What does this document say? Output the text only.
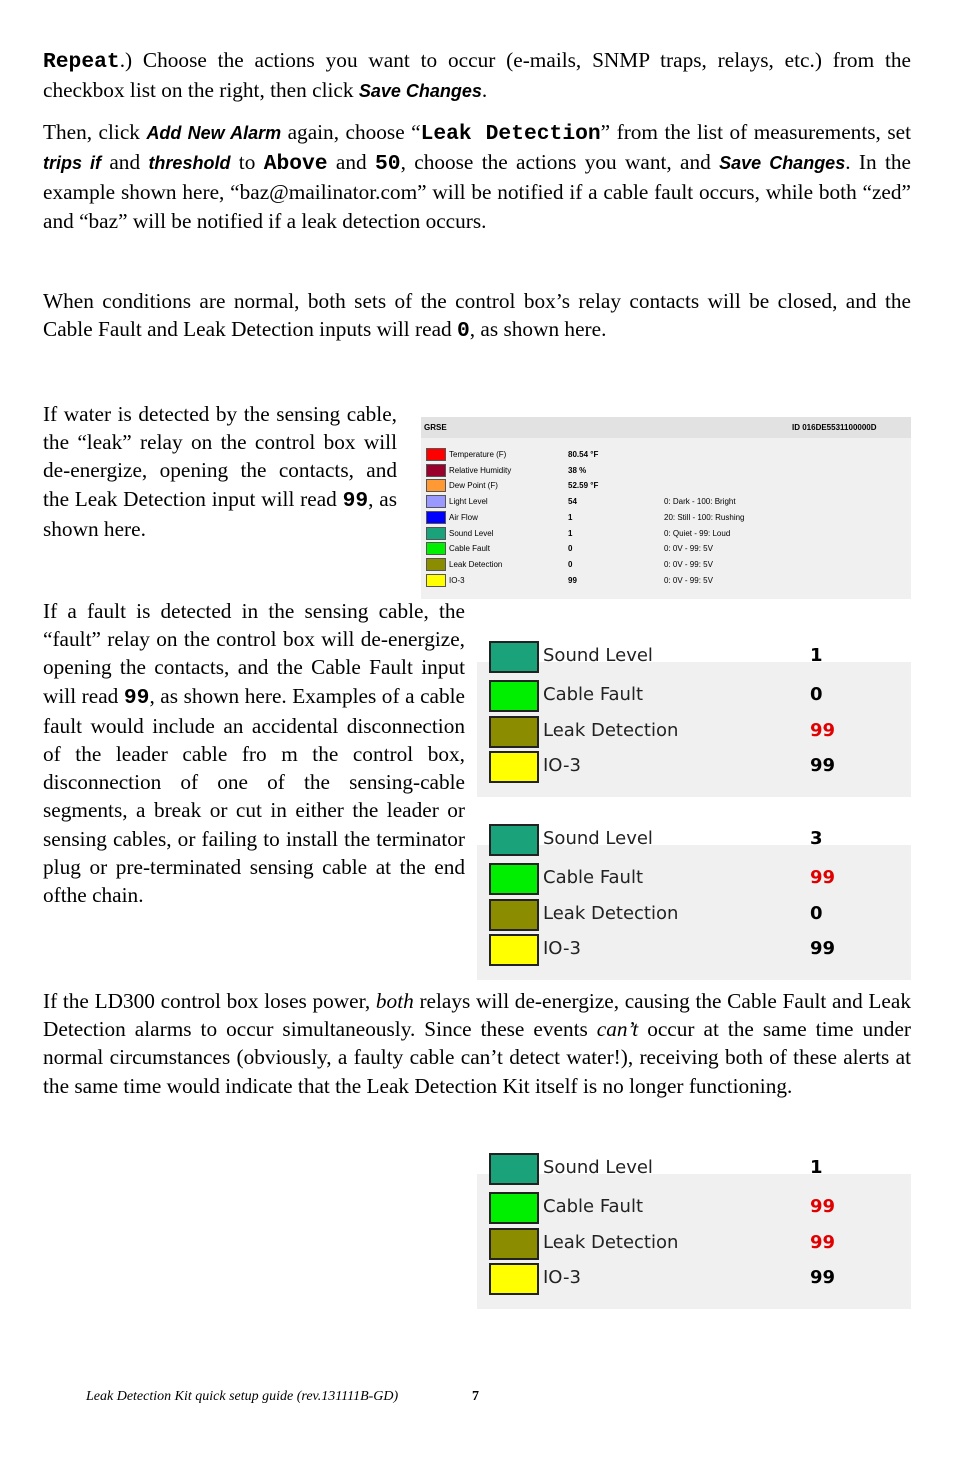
Repeat.) Choose the actions you want to occur (e-mails, SNMP traps, relays, etc.) from the checkbox list on the right, then click Save Changes.
Then, click Add New Alarm again, choose “Leak Detection” from the list of measurements, set trips if and threshold to Above and 50, choose the actions you want, and Save Changes. In the example shown here, “baz@mailinator.com” will be notified if a cable fault occurs, while both “zed” and “baz” will be notified if a leak detection occurs.
When conditions are normal, both sets of the control box’s relay contacts will be closed, and the Cable Fault and Leak Detection inputs will read 0, as shown here.
If water is detected by the sensing cable, the “leak” relay on the control box will de-energize, opening the contacts, and the Leak Detection input will read 99, as shown here.
If a fault is detected in the sensing cable, the “fault” relay on the control box will de-energize, opening the contacts, and the Cable Fault input will read 99, as shown here. Examples of a cable fault would include an accidental disconnection of the leader cable fro m the control box, disconnection of one of the sensing-cable segments, a break or cut in either the leader or sensing cables, or failing to install the terminator plug or pre-terminated sensing cable at the end ofthe chain.
If the LD300 control box loses power, both relays will de-energize, causing the Cable Fault and Leak Detection alarms to occur simultaneously. Since these events can’t occur at the same time under normal circumstances (obviously, a faulty cable can’t detect water!), receiving both of these alerts at the same time would indicate that the Leak Detection Kit itself is no longer functioning.
GRSE	ID 016DE5531100000D
Temperature (F)	80.54 °F
Relative Humidity	38 %
Dew Point (F)	52.59 °F
Light Level	54	0: Dark - 100: Bright
Air Flow	1	20: Still - 100: Rushing
Sound Level	1	0: Quiet - 99: Loud
Cable Fault	0	0: 0V - 99: 5V
Leak Detection	0	0: 0V - 99: 5V
IO-3	99	0: 0V - 99: 5V
Sound Level	1
Cable Fault	0
Leak Detection	99
IO-3	99
Sound Level	3
Cable Fault	99
Leak Detection	0
IO-3	99
Sound Level	1
Cable Fault	99
Leak Detection	99
IO-3	99
Leak Detection Kit quick setup guide (rev.131111B-GD)	7
